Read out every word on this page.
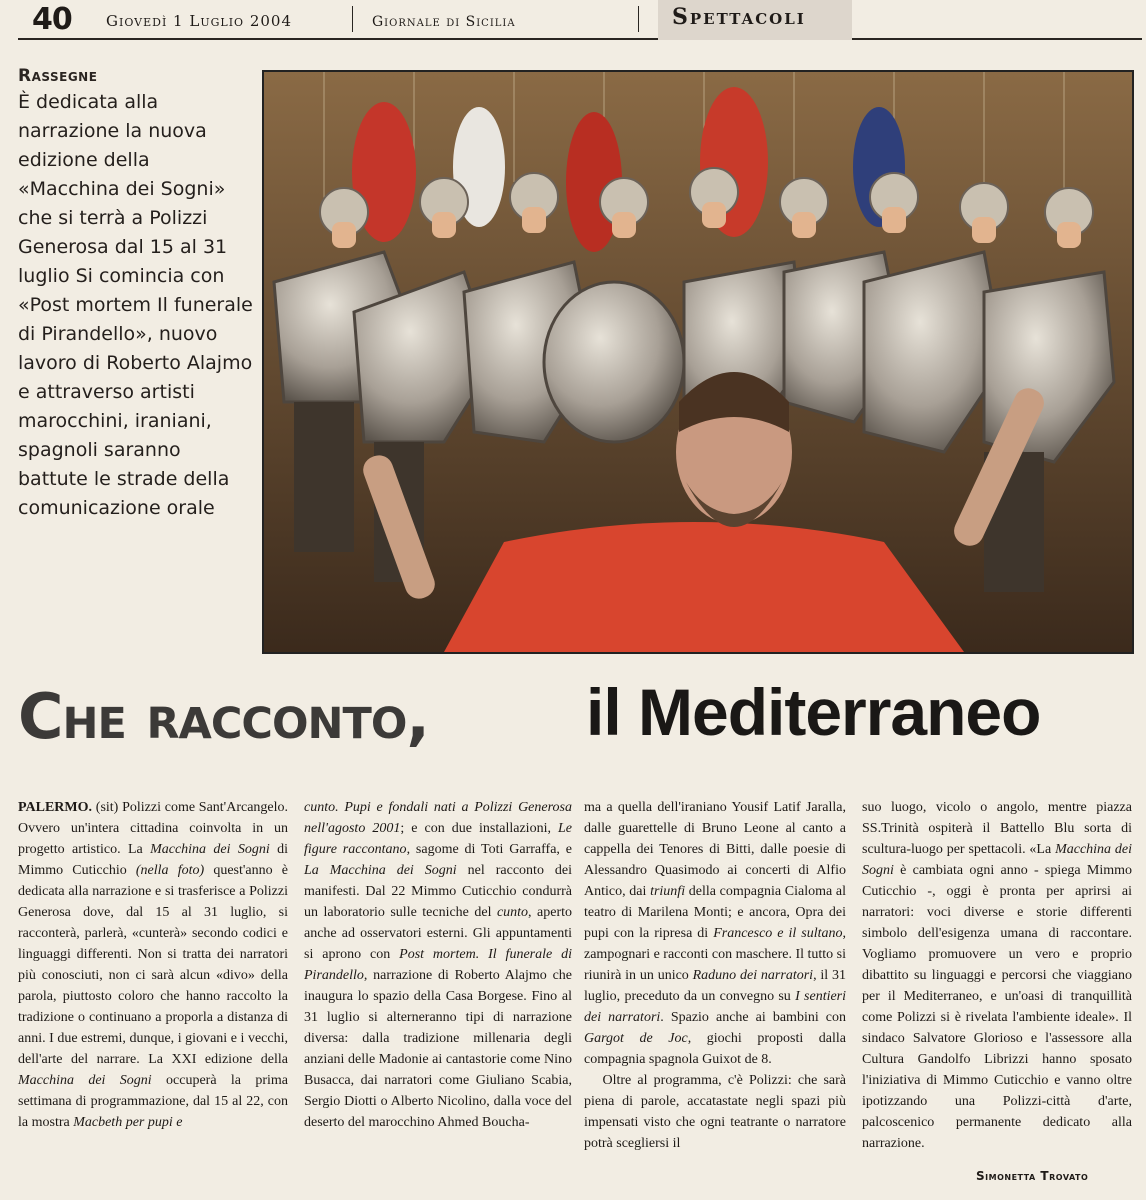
40 Giovedì 1 Luglio 2004	Giornale di Sicilia	Spettacoli
Rassegne

È dedicata alla narrazione la nuova edizione della «Macchina dei Sogni» che si terrà a Polizzi Generosa dal 15 al 31 luglio Si comincia con «Post mortem Il funerale di Pirandello», nuovo lavoro di Roberto Alajmo e attraverso artisti marocchini, iraniani, spagnoli saranno battute le strade della comunicazione orale

Che racconto, il Mediterraneo

PALERMO. (sit) Polizzi come Sant'Arcangelo. Ovvero un'intera cittadina coinvolta in un progetto artistico. La Macchina dei Sogni di Mimmo Cuticchio (nella foto) quest'anno è dedicata alla narrazione e si trasferisce a Polizzi Generosa dove, dal 15 al 31 luglio, si racconterà, parlerà, «cunterà» secondo codici e linguaggi differenti. Non si tratta dei narratori più conosciuti, non ci sarà alcun «divo» della parola, piuttosto coloro che hanno raccolto la tradizione o continuano a proporla a distanza di anni. I due estremi, dunque, i giovani e i vecchi, dell'arte del narrare. La XXI edizione della Macchina dei Sogni occuperà la prima settimana di programmazione, dal 15 al 22, con la mostra Macbeth per pupi e

cunto. Pupi e fondali nati a Polizzi Generosa nell'agosto 2001; e con due installazioni, Le figure raccontano, sagome di Toti Garraffa, e La Macchina dei Sogni nel racconto dei manifesti. Dal 22 Mimmo Cuticchio condurrà un laboratorio sulle tecniche del cunto, aperto anche ad osservatori esterni. Gli appuntamenti si aprono con Post mortem. Il funerale di Pirandello, narrazione di Roberto Alajmo che inaugura lo spazio della Casa Borgese. Fino al 31 luglio si alterneranno tipi di narrazione diversa: dalla tradizione millenaria degli anziani delle Madonie ai cantastorie come Nino Busacca, dai narratori come Giuliano Scabia, Sergio Diotti o Alberto Nicolino, dalla voce del deserto del marocchino Ahmed Boucha-

ma a quella dell'iraniano Yousif Latif Jaralla, dalle guarettelle di Bruno Leone al canto a cappella dei Tenores di Bitti, dalle poesie di Alessandro Quasimodo ai concerti di Alfio Antico, dai triunfi della compagnia Cialoma al teatro di Marilena Monti; e ancora, Opra dei pupi con la ripresa di Francesco e il sultano, zampognari e racconti con maschere. Il tutto si riunirà in un unico Raduno dei narratori, il 31 luglio, preceduto da un convegno su I sentieri dei narratori. Spazio anche ai bambini con Gargot de Joc, giochi proposti dalla compagnia spagnola Guixot de 8.
Oltre al programma, c'è Polizzi: che sarà piena di parole, accatastate negli spazi più impensati visto che ogni teatrante o narratore potrà scegliersi il

suo luogo, vicolo o angolo, mentre piazza SS.Trinità ospiterà il Battello Blu sorta di scultura-luogo per spettacoli. «La Macchina dei Sogni è cambiata ogni anno - spiega Mimmo Cuticchio -, oggi è pronta per aprirsi ai narratori: voci diverse e storie differenti simbolo dell'esigenza umana di raccontare. Vogliamo promuovere un vero e proprio dibattito su linguaggi e percorsi che viaggiano per il Mediterraneo, e un'oasi di tranquillità come Polizzi si è rivelata l'ambiente ideale». Il sindaco Salvatore Glorioso e l'assessore alla Cultura Gandolfo Librizzi hanno sposato l'iniziativa di Mimmo Cuticchio e vanno oltre ipotizzando una Polizzi-città d'arte, palcoscenico permanente dedicato alla narrazione.

Simonetta Trovato
